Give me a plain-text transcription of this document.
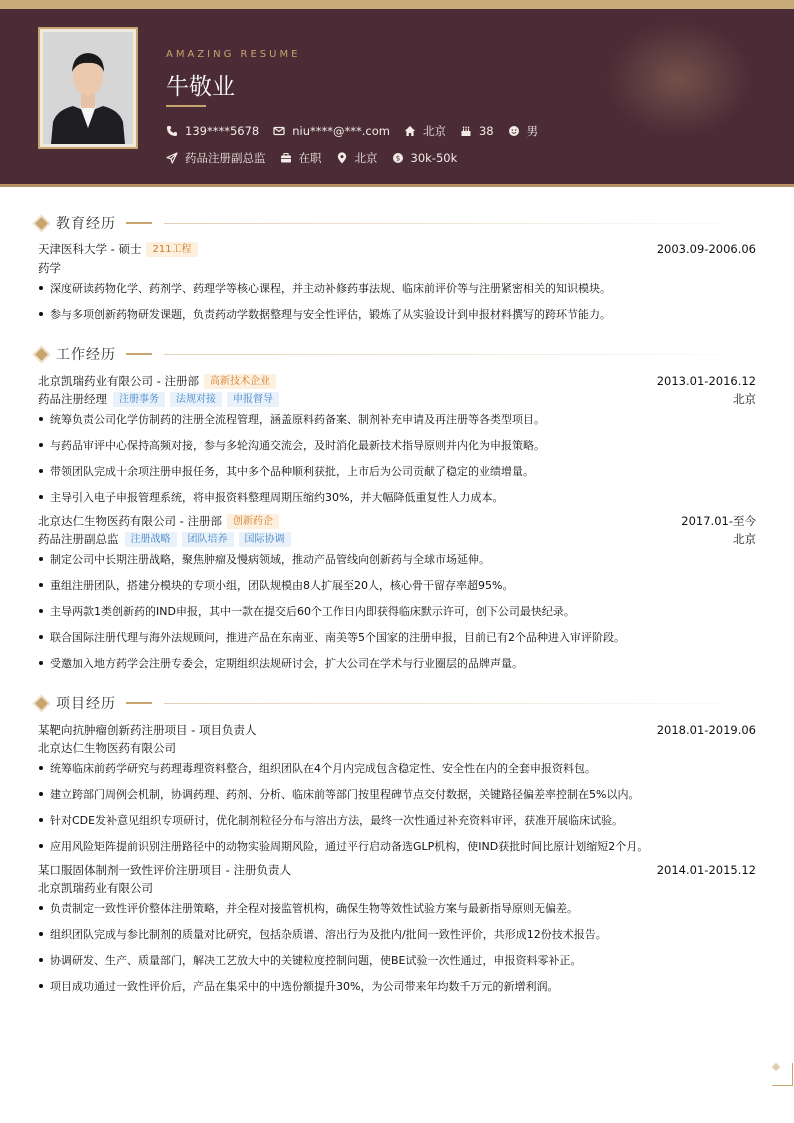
AMAZING RESUME
牛敬业
139****5678	niu****@***.com	北京	38	男
药品注册副总监	在职	北京	$ 30k-50k
教育经历
天津医科大学 - 硕士	211工程	2003.09-2006.06
药学
深度研读药物化学、药剂学、药理学等核心课程，并主动补修药事法规、临床前评价等与注册紧密相关的知识模块。
参与多项创新药物研发课题，负责药动学数据整理与安全性评估，锻炼了从实验设计到申报材料撰写的跨环节能力。
工作经历
北京凯瑞药业有限公司 - 注册部	高新技术企业	2013.01-2016.12
药品注册经理	注册事务	法规对接	申报督导	北京
统筹负责公司化学仿制药的注册全流程管理，涵盖原料药备案、制剂补充申请及再注册等各类型项目。
与药品审评中心保持高频对接，参与多轮沟通交流会，及时消化最新技术指导原则并内化为申报策略。
带领团队完成十余项注册申报任务，其中多个品种顺利获批，上市后为公司贡献了稳定的业绩增量。
主导引入电子申报管理系统，将申报资料整理周期压缩约30%，并大幅降低重复性人力成本。
北京达仁生物医药有限公司 - 注册部	创新药企	2017.01-至今
药品注册副总监	注册战略	团队培养	国际协调	北京
制定公司中长期注册战略，聚焦肿瘤及慢病领域，推动产品管线向创新药与全球市场延伸。
重组注册团队，搭建分模块的专项小组，团队规模由8人扩展至20人，核心骨干留存率超95%。
主导两款1类创新药的IND申报，其中一款在提交后60个工作日内即获得临床默示许可，创下公司最快纪录。
联合国际注册代理与海外法规顾问，推进产品在东南亚、南美等5个国家的注册申报，目前已有2个品种进入审评阶段。
受邀加入地方药学会注册专委会，定期组织法规研讨会，扩大公司在学术与行业圈层的品牌声量。
项目经历
某靶向抗肿瘤创新药注册项目 - 项目负责人	2018.01-2019.06
北京达仁生物医药有限公司
统筹临床前药学研究与药理毒理资料整合，组织团队在4个月内完成包含稳定性、安全性在内的全套申报资料包。
建立跨部门周例会机制，协调药理、药剂、分析、临床前等部门按里程碑节点交付数据，关键路径偏差率控制在5%以内。
针对CDE发补意见组织专项研讨，优化制剂粒径分布与溶出方法，最终一次性通过补充资料审评，获准开展临床试验。
应用风险矩阵提前识别注册路径中的动物实验周期风险，通过平行启动备选GLP机构，使IND获批时间比原计划缩短2个月。
某口服固体制剂一致性评价注册项目 - 注册负责人	2014.01-2015.12
北京凯瑞药业有限公司
负责制定一致性评价整体注册策略，并全程对接监管机构，确保生物等效性试验方案与最新指导原则无偏差。
组织团队完成与参比制剂的质量对比研究，包括杂质谱、溶出行为及批内/批间一致性评价，共形成12份技术报告。
协调研发、生产、质量部门，解决工艺放大中的关键粒度控制问题，使BE试验一次性通过，申报资料零补正。
项目成功通过一致性评价后，产品在集采中的中选份额提升30%，为公司带来年均数千万元的新增利润。
